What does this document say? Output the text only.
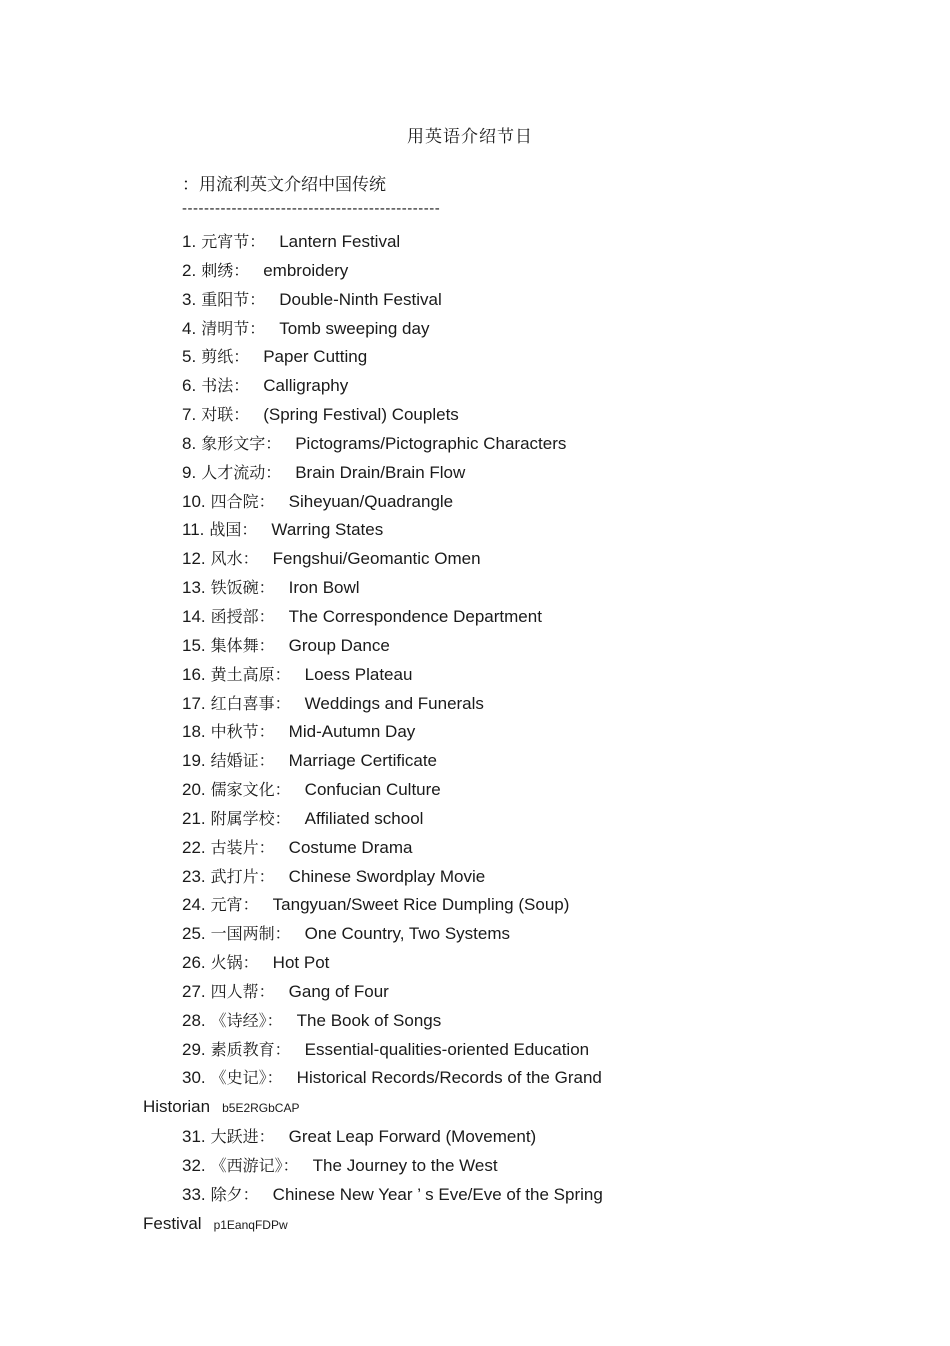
用英语介绍节日
：用流利英文介绍中国传统
-----------------------------------------------
1. 元宵节： Lantern Festival
2. 刺绣： embroidery
3. 重阳节： Double-Ninth Festival
4. 清明节： Tomb sweeping day
5. 剪纸： Paper Cutting
6. 书法： Calligraphy
7. 对联： (Spring Festival) Couplets
8. 象形文字： Pictograms/Pictographic Characters
9. 人才流动： Brain Drain/Brain Flow
10. 四合院： Siheyuan/Quadrangle
11. 战国： Warring States
12. 风水： Fengshui/Geomantic Omen
13. 铁饭碗： Iron Bowl
14. 函授部： The Correspondence Department
15. 集体舞： Group Dance
16. 黄土高原： Loess Plateau
17. 红白喜事： Weddings and Funerals
18. 中秋节： Mid-Autumn Day
19. 结婚证： Marriage Certificate
20. 儒家文化： Confucian Culture
21. 附属学校： Affiliated school
22. 古装片： Costume Drama
23. 武打片： Chinese Swordplay Movie
24. 元宵： Tangyuan/Sweet Rice Dumpling (Soup)
25. 一国两制： One Country, Two Systems
26. 火锅： Hot Pot
27. 四人帮： Gang of Four
28. 《诗经》： The Book of Songs
29. 素质教育： Essential-qualities-oriented Education
30. 《史记》： Historical Records/Records of the Grand
Historian b5E2RGbCAP
31. 大跃进： Great Leap Forward (Movement)
32. 《西游记》： The Journey to the West
33. 除夕： Chinese New Year ’ s Eve/Eve of the Spring
Festival p1EanqFDPw
